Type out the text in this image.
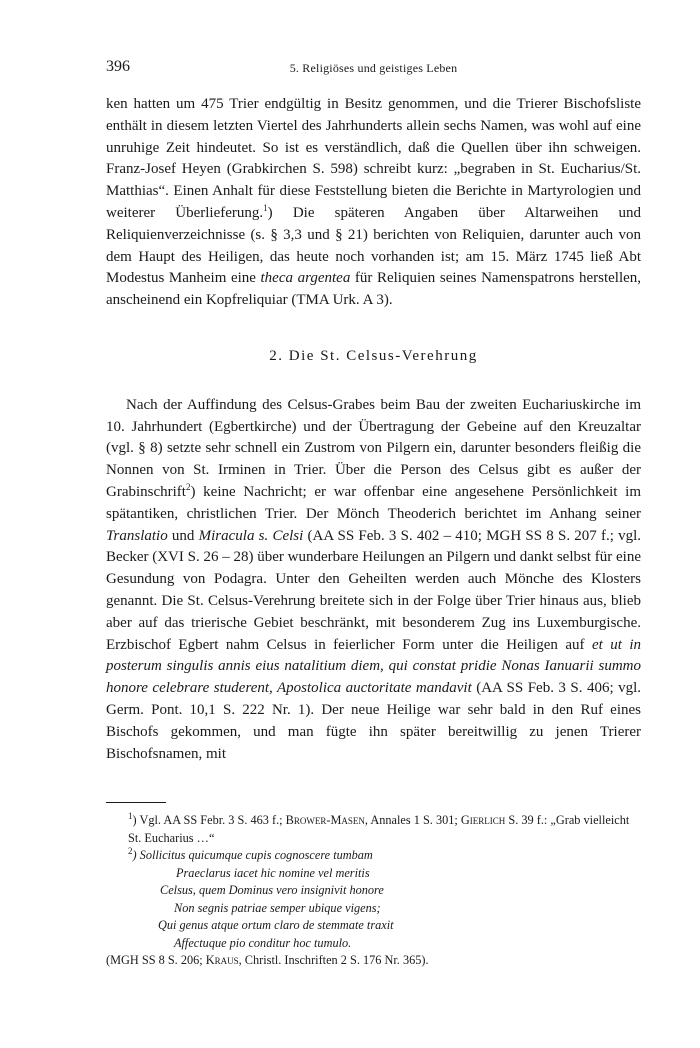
396	5. Religiöses und geistiges Leben

ken hatten um 475 Trier endgültig in Besitz genommen, und die Trierer Bischofsliste enthält in diesem letzten Viertel des Jahrhunderts allein sechs Namen, was wohl auf eine unruhige Zeit hindeutet. So ist es verständlich, daß die Quellen über ihn schweigen. Franz-Josef Heyen (Grabkirchen S. 598) schreibt kurz: „begraben in St. Eucharius/St. Matthias“. Einen Anhalt für diese Feststellung bieten die Berichte in Martyrologien und weiterer Überlieferung.$^1$) Die späteren Angaben über Altarweihen und Reliquienverzeichnisse (s. § 3,3 und § 21) berichten von Reliquien, darunter auch von dem Haupt des Heiligen, das heute noch vorhanden ist; am 15. März 1745 ließ Abt Modestus Manheim eine theca argentea für Reliquien seines Namenspatrons herstellen, anscheinend ein Kopfreliquiar (TMA Urk. A 3).

2. Die St. Celsus-Verehrung

Nach der Auffindung des Celsus-Grabes beim Bau der zweiten Euchariuskirche im 10. Jahrhundert (Egbertkirche) und der Übertragung der Gebeine auf den Kreuzaltar (vgl. § 8) setzte sehr schnell ein Zustrom von Pilgern ein, darunter besonders fleißig die Nonnen von St. Irminen in Trier. Über die Person des Celsus gibt es außer der Grabinschrift$^2$) keine Nachricht; er war offenbar eine angesehene Persönlichkeit im spätantiken, christlichen Trier. Der Mönch Theoderich berichtet im Anhang seiner Translatio und Miracula s. Celsi (AA SS Feb. 3 S. 402 – 410; MGH SS 8 S. 207 f.; vgl. Becker (XVI S. 26 – 28) über wunderbare Heilungen an Pilgern und dankt selbst für eine Gesundung von Podagra. Unter den Geheilten werden auch Mönche des Klosters genannt. Die St. Celsus-Verehrung breitete sich in der Folge über Trier hinaus aus, blieb aber auf das trierische Gebiet beschränkt, mit besonderem Zug ins Luxemburgische. Erzbischof Egbert nahm Celsus in feierlicher Form unter die Heiligen auf et ut in posterum singulis annis eius natalitium diem, qui constat pridie Nonas Ianuarii summo honore celebrare studerent, Apostolica auctoritate mandavit (AA SS Feb. 3 S. 406; vgl. Germ. Pont. 10,1 S. 222 Nr. 1). Der neue Heilige war sehr bald in den Ruf eines Bischofs gekommen, und man fügte ihn später bereitwillig zu jenen Trierer Bischofsnamen, mit

$^1$) Vgl. AA SS Febr. 3 S. 463 f.; Brower-Masen, Annales 1 S. 301; Gierlich S. 39 f.: „Grab vielleicht St. Eucharius …“

$^2$) Sollicitus quicumque cupis cognoscere tumbam

Praeclarus iacet hic nomine vel meritis

Celsus, quem Dominus vero insignivit honore

Non segnis patriae semper ubique vigens;

Qui genus atque ortum claro de stemmate traxit

Affectuque pio conditur hoc tumulo.

(MGH SS 8 S. 206; Kraus, Christl. Inschriften 2 S. 176 Nr. 365).
